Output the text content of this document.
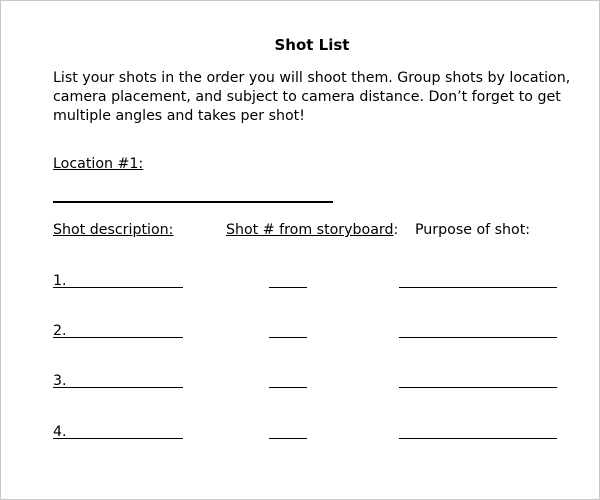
Shot List
List your shots in the order you will shoot them. Group shots by location,
camera placement, and subject to camera distance. Don’t forget to get
multiple angles and takes per shot!
Location #1:
Shot description:	Shot # from storyboard: Purpose of shot:
1.
2.
3.
4.
